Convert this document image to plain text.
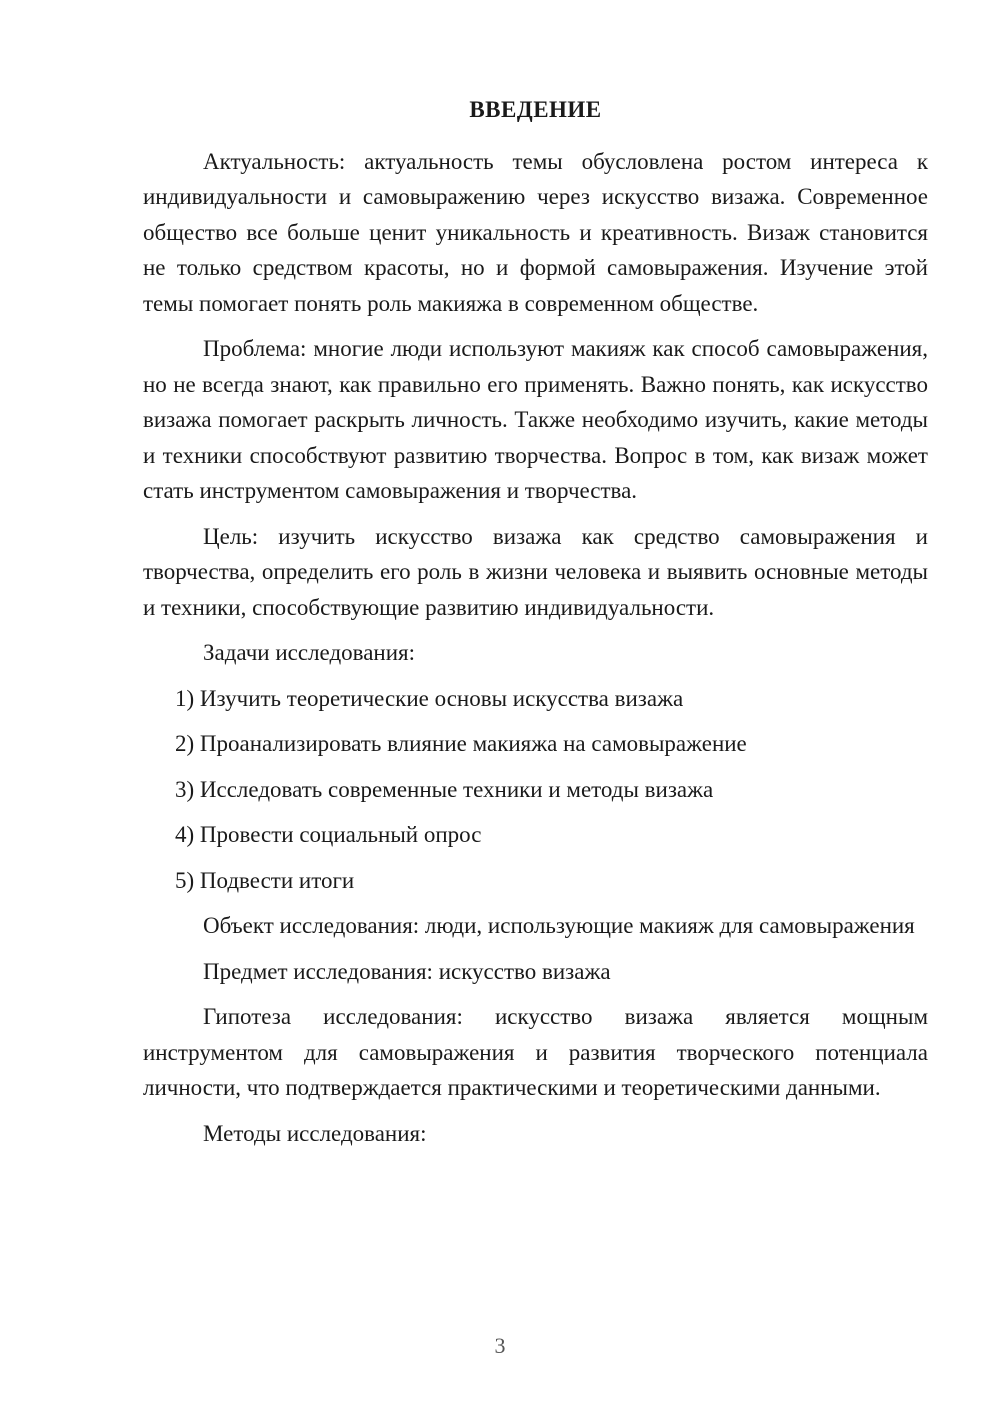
ВВЕДЕНИЕ

Актуальность: актуальность темы обусловлена ростом интереса к индивидуальности и самовыражению через искусство визажа. Современное общество все больше ценит уникальность и креативность. Визаж становится не только средством красоты, но и формой самовыражения. Изучение этой темы помогает понять роль макияжа в современном обществе.

Проблема: многие люди используют макияж как способ самовыражения, но не всегда знают, как правильно его применять. Важно понять, как искусство визажа помогает раскрыть личность. Также необходимо изучить, какие методы и техники способствуют развитию творчества. Вопрос в том, как визаж может стать инструментом самовыражения и творчества.

Цель: изучить искусство визажа как средство самовыражения и творчества, определить его роль в жизни человека и выявить основные методы и техники, способствующие развитию индивидуальности.

Задачи исследования:

1) Изучить теоретические основы искусства визажа

2) Проанализировать влияние макияжа на самовыражение

3) Исследовать современные техники и методы визажа

4) Провести социальный опрос

5) Подвести итоги

Объект исследования: люди, использующие макияж для самовыражения

Предмет исследования: искусство визажа

Гипотеза исследования: искусство визажа является мощным инструментом для самовыражения и развития творческого потенциала личности, что подтверждается практическими и теоретическими данными.

Методы исследования:

3
